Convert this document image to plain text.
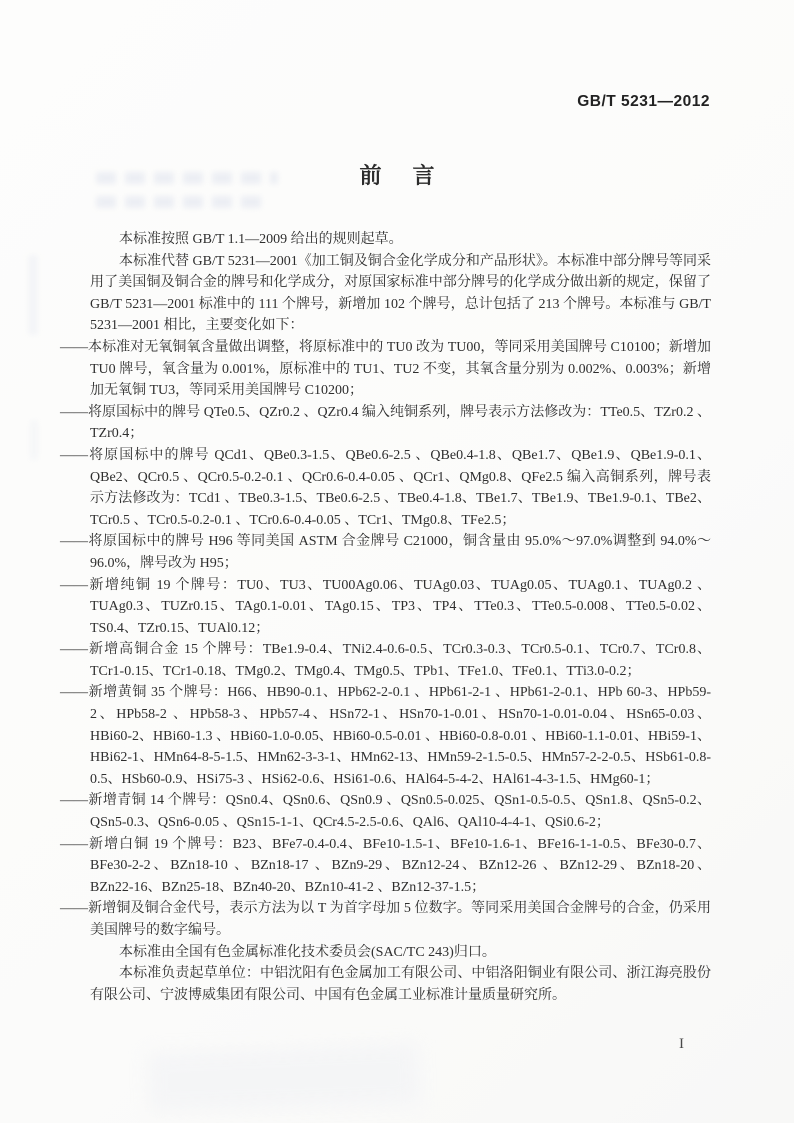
GB/T 5231—2012
前 言

本标准按照 GB/T 1.1—2009 给出的规则起草。

本标准代替 GB/T 5231—2001《加工铜及铜合金化学成分和产品形状》。本标准中部分牌号等同采用了美国铜及铜合金的牌号和化学成分，对原国家标准中部分牌号的化学成分做出新的规定，保留了 GB/T 5231—2001 标准中的 111 个牌号，新增加 102 个牌号，总计包括了 213 个牌号。本标准与 GB/T 5231—2001 相比，主要变化如下：

——本标准对无氧铜氧含量做出调整，将原标准中的 TU0 改为 TU00，等同采用美国牌号 C10100；新增加 TU0 牌号，氧含量为 0.001%，原标准中的 TU1、TU2 不变，其氧含量分别为 0.002%、0.003%；新增加无氧铜 TU3，等同采用美国牌号 C10200；
——将原国标中的牌号 QTe0.5、QZr0.2 、QZr0.4 编入纯铜系列，牌号表示方法修改为：TTe0.5、TZr0.2 、TZr0.4；
——将原国标中的牌号 QCd1、QBe0.3-1.5、QBe0.6-2.5 、QBe0.4-1.8、QBe1.7、QBe1.9、QBe1.9-0.1、QBe2、QCr0.5 、QCr0.5-0.2-0.1 、QCr0.6-0.4-0.05 、QCr1、QMg0.8、QFe2.5 编入高铜系列，牌号表示方法修改为：TCd1 、TBe0.3-1.5、TBe0.6-2.5 、TBe0.4-1.8、TBe1.7、TBe1.9、TBe1.9-0.1、TBe2、TCr0.5 、TCr0.5-0.2-0.1 、TCr0.6-0.4-0.05 、TCr1、TMg0.8、TFe2.5；
——将原国标中的牌号 H96 等同美国 ASTM 合金牌号 C21000，铜含量由 95.0%～97.0%调整到 94.0%～96.0%，牌号改为 H95；
——新增纯铜 19 个牌号：TU0、TU3、TU00Ag0.06、TUAg0.03、TUAg0.05、TUAg0.1、TUAg0.2 、TUAg0.3、TUZr0.15、TAg0.1-0.01、TAg0.15、TP3、TP4、TTe0.3、TTe0.5-0.008、TTe0.5-0.02、TS0.4、TZr0.15、TUAl0.12；
——新增高铜合金 15 个牌号：TBe1.9-0.4、TNi2.4-0.6-0.5、TCr0.3-0.3、TCr0.5-0.1、TCr0.7、TCr0.8、TCr1-0.15、TCr1-0.18、TMg0.2、TMg0.4、TMg0.5、TPb1、TFe1.0、TFe0.1、TTi3.0-0.2；
——新增黄铜 35 个牌号：H66、HB90-0.1、HPb62-2-0.1 、HPb61-2-1 、HPb61-2-0.1、HPb 60-3、HPb59-2、HPb58-2 、HPb58-3、HPb57-4、HSn72-1、HSn70-1-0.01、HSn70-1-0.01-0.04、HSn65-0.03、HBi60-2、HBi60-1.3 、HBi60-1.0-0.05、HBi60-0.5-0.01 、HBi60-0.8-0.01 、HBi60-1.1-0.01、HBi59-1、HBi62-1、HMn64-8-5-1.5、HMn62-3-3-1、HMn62-13、HMn59-2-1.5-0.5、HMn57-2-2-0.5、HSb61-0.8-0.5、HSb60-0.9、HSi75-3 、HSi62-0.6、HSi61-0.6、HAl64-5-4-2、HAl61-4-3-1.5、HMg60-1；
——新增青铜 14 个牌号：QSn0.4、QSn0.6、QSn0.9 、QSn0.5-0.025、QSn1-0.5-0.5、QSn1.8、QSn5-0.2、QSn5-0.3、QSn6-0.05 、QSn15-1-1、QCr4.5-2.5-0.6、QAl6、QAl10-4-4-1、QSi0.6-2；
——新增白铜 19 个牌号：B23、BFe7-0.4-0.4、BFe10-1.5-1、BFe10-1.6-1、BFe16-1-1-0.5、BFe30-0.7、BFe30-2-2、BZn18-10 、BZn18-17 、BZn9-29、BZn12-24、BZn12-26 、BZn12-29、BZn18-20、BZn22-16、BZn25-18、BZn40-20、BZn10-41-2 、BZn12-37-1.5；
——新增铜及铜合金代号，表示方法为以 T 为首字母加 5 位数字。等同采用美国合金牌号的合金，仍采用美国牌号的数字编号。

本标准由全国有色金属标准化技术委员会(SAC/TC 243)归口。

本标准负责起草单位：中铝沈阳有色金属加工有限公司、中铝洛阳铜业有限公司、浙江海亮股份有限公司、宁波博威集团有限公司、中国有色金属工业标准计量质量研究所。

I
